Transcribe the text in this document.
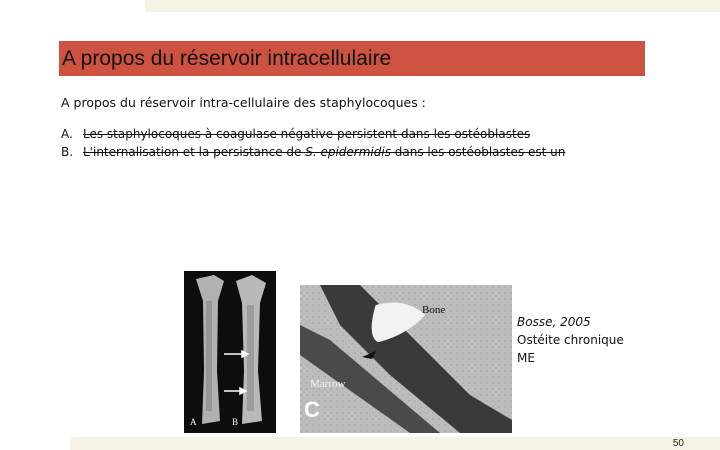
A propos du réservoir intracellulaire
A propos du réservoir intra-cellulaire des staphylocoques :
A. Les staphylocoques à coagulase négative persistent dans les ostéoblastes
B. L'internalisation et la persistance de S. epidermidis dans les ostéoblastes est un
A	B
Bone
Marrow
C
Bosse, 2005
Ostéite chronique
ME
50
